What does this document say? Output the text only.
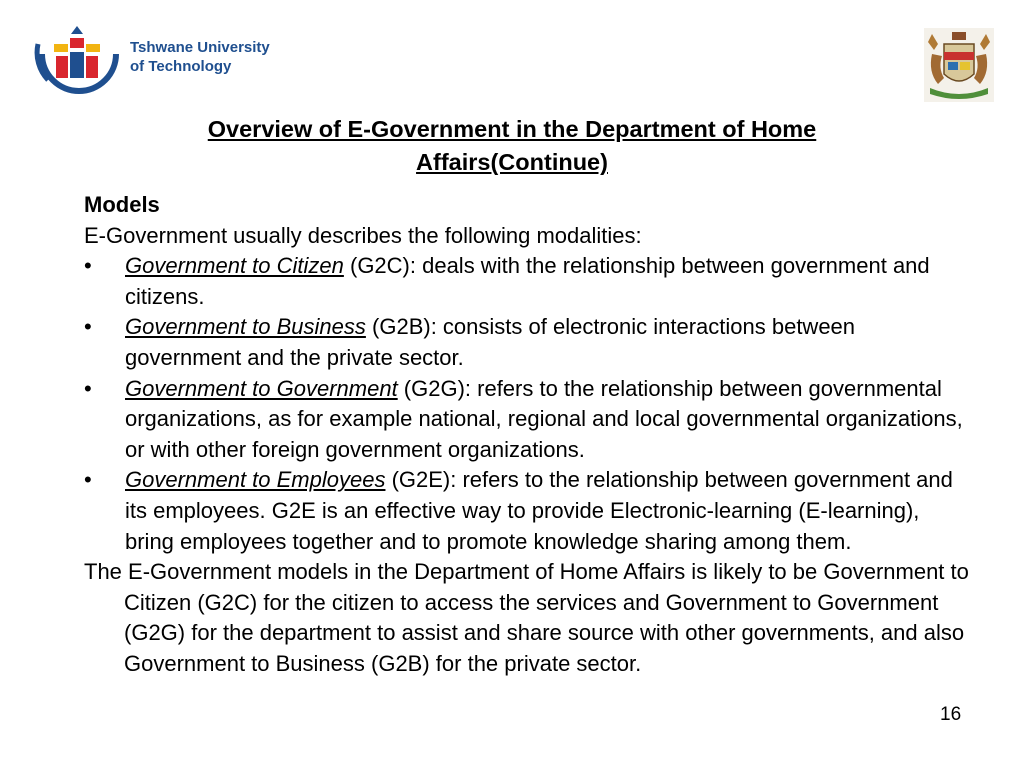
Tshwane University
of Technology
Overview of E-Government in the Department of Home
Affairs(Continue)
Models
E-Government usually describes the following modalities:
• Government to Citizen (G2C): deals with the relationship between government and citizens.
• Government to Business (G2B): consists of electronic interactions between government and the private sector.
• Government to Government (G2G): refers to the relationship between governmental organizations, as for example national, regional and local governmental organizations, or with other foreign government organizations.
• Government to Employees (G2E): refers to the relationship between government and its employees. G2E is an effective way to provide Electronic-learning (E-learning), bring employees together and to promote knowledge sharing among them.
The E-Government models in the Department of Home Affairs is likely to be Government to Citizen (G2C) for the citizen to access the services and Government to Government (G2G) for the department to assist and share source with other governments, and also Government to Business (G2B) for the private sector.
16
